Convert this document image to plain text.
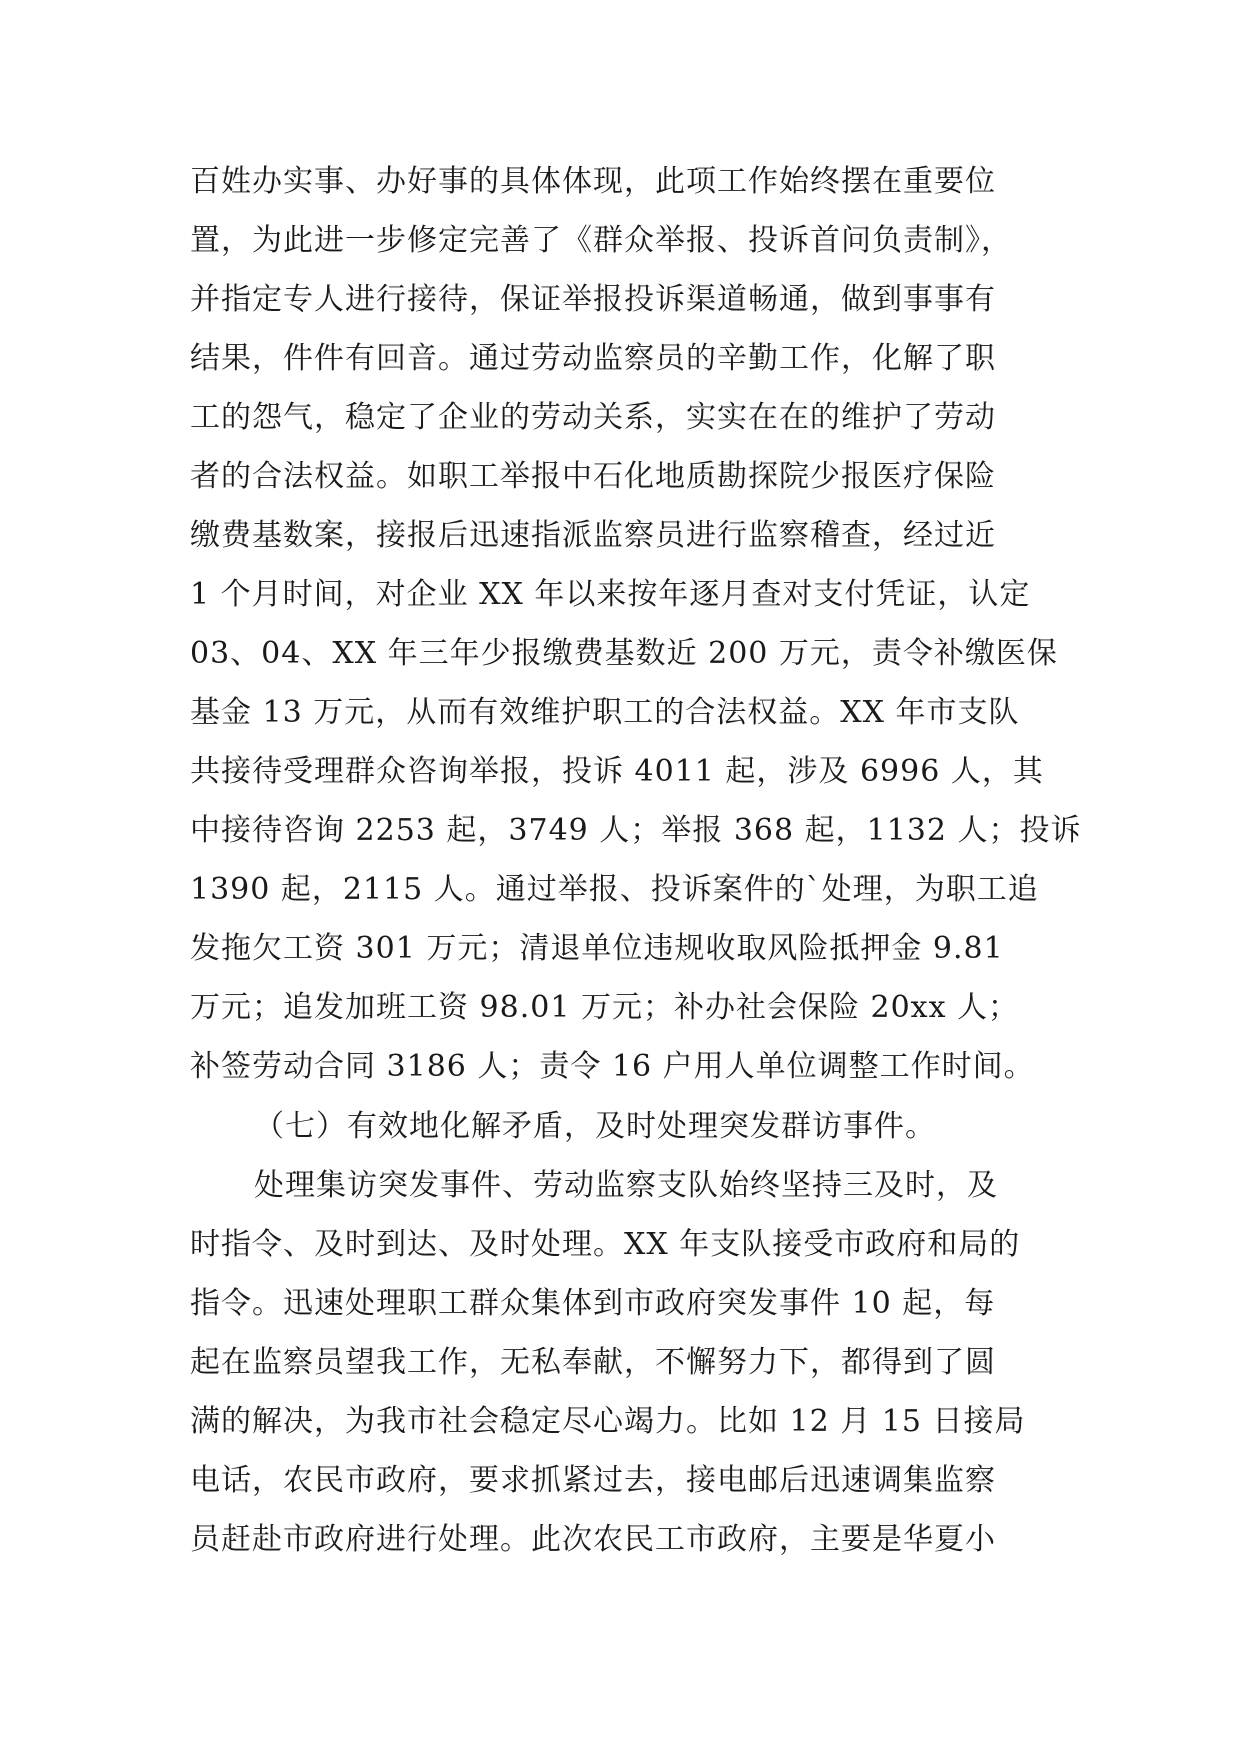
百姓办实事、办好事的具体体现，此项工作始终摆在重要位
置，为此进一步修定完善了《群众举报、投诉首问负责制》，
并指定专人进行接待，保证举报投诉渠道畅通，做到事事有
结果，件件有回音。通过劳动监察员的辛勤工作，化解了职
工的怨气，稳定了企业的劳动关系，实实在在的维护了劳动
者的合法权益。如职工举报中石化地质勘探院少报医疗保险
缴费基数案，接报后迅速指派监察员进行监察稽查，经过近
1 个月时间，对企业 XX 年以来按年逐月查对支付凭证，认定
03、04、XX 年三年少报缴费基数近 200 万元，责令补缴医保
基金 13 万元，从而有效维护职工的合法权益。XX 年市支队
共接待受理群众咨询举报，投诉 4011 起，涉及 6996 人，其
中接待咨询 2253 起，3749 人；举报 368 起，1132 人；投诉
1390 起，2115 人。通过举报、投诉案件的`处理，为职工追
发拖欠工资 301 万元；清退单位违规收取风险抵押金 9.81
万元；追发加班工资 98.01 万元；补办社会保险 20xx 人；
补签劳动合同 3186 人；责令 16 户用人单位调整工作时间。
（七）有效地化解矛盾，及时处理突发群访事件。
处理集访突发事件、劳动监察支队始终坚持三及时，及
时指令、及时到达、及时处理。XX 年支队接受市政府和局的
指令。迅速处理职工群众集体到市政府突发事件 10 起，每
起在监察员望我工作，无私奉献，不懈努力下，都得到了圆
满的解决，为我市社会稳定尽心竭力。比如 12 月 15 日接局
电话，农民市政府，要求抓紧过去，接电邮后迅速调集监察
员赶赴市政府进行处理。此次农民工市政府，主要是华夏小
